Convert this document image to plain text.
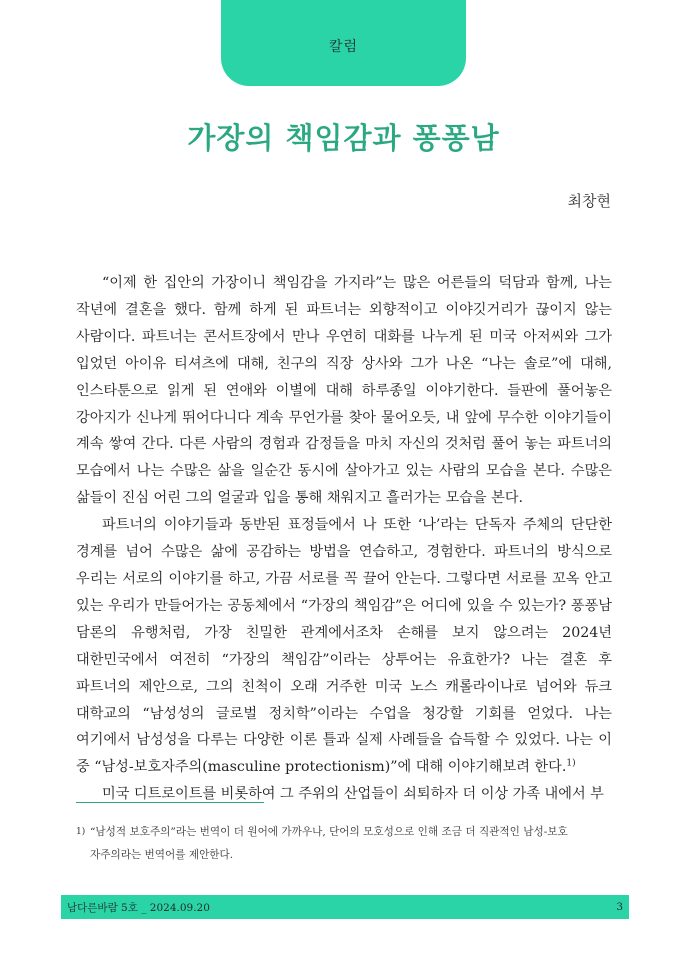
칼럼
가장의 책임감과 퐁퐁남
최창현

“이제 한 집안의 가장이니 책임감을 가지라”는 많은 어른들의 덕담과 함께, 나는 작년에 결혼을 했다. 함께 하게 된 파트너는 외향적이고 이야깃거리가 끊이지 않는 사람이다. 파트너는 콘서트장에서 만나 우연히 대화를 나누게 된 미국 아저씨와 그가 입었던 아이유 티셔츠에 대해, 친구의 직장 상사와 그가 나온 “나는 솔로”에 대해, 인스타툰으로 읽게 된 연애와 이별에 대해 하루종일 이야기한다. 들판에 풀어놓은 강아지가 신나게 뛰어다니다 계속 무언가를 찾아 물어오듯, 내 앞에 무수한 이야기들이 계속 쌓여 간다. 다른 사람의 경험과 감정들을 마치 자신의 것처럼 풀어 놓는 파트너의 모습에서 나는 수많은 삶을 일순간 동시에 살아가고 있는 사람의 모습을 본다. 수많은 삶들이 진심 어린 그의 얼굴과 입을 통해 채워지고 흘러가는 모습을 본다.

파트너의 이야기들과 동반된 표정들에서 나 또한 ‘나’라는 단독자 주체의 단단한 경계를 넘어 수많은 삶에 공감하는 방법을 연습하고, 경험한다. 파트너의 방식으로 우리는 서로의 이야기를 하고, 가끔 서로를 꼭 끌어 안는다. 그렇다면 서로를 꼬옥 안고 있는 우리가 만들어가는 공동체에서 “가장의 책임감”은 어디에 있을 수 있는가? 퐁퐁남 담론의 유행처럼, 가장 친밀한 관계에서조차 손해를 보지 않으려는 2024년 대한민국에서 여전히 “가장의 책임감”이라는 상투어는 유효한가? 나는 결혼 후 파트너의 제안으로, 그의 친척이 오래 거주한 미국 노스 캐롤라이나로 넘어와 듀크 대학교의 “남성성의 글로벌 정치학”이라는 수업을 청강할 기회를 얻었다. 나는 여기에서 남성성을 다루는 다양한 이론 틀과 실제 사례들을 습득할 수 있었다. 나는 이 중 “남성-보호자주의(masculine protectionism)”에 대해 이야기해보려 한다.$^{1)}$

미국 디트로이트를 비롯하여 그 주위의 산업들이 쇠퇴하자 더 이상 가족 내에서 부

1) “남성적 보호주의”라는 번역이 더 원어에 가까우나, 단어의 모호성으로 인해 조금 더 직관적인 남성-보호
자주의라는 번역어를 제안한다.
남다른바람 5호 _ 2024.09.20	3
